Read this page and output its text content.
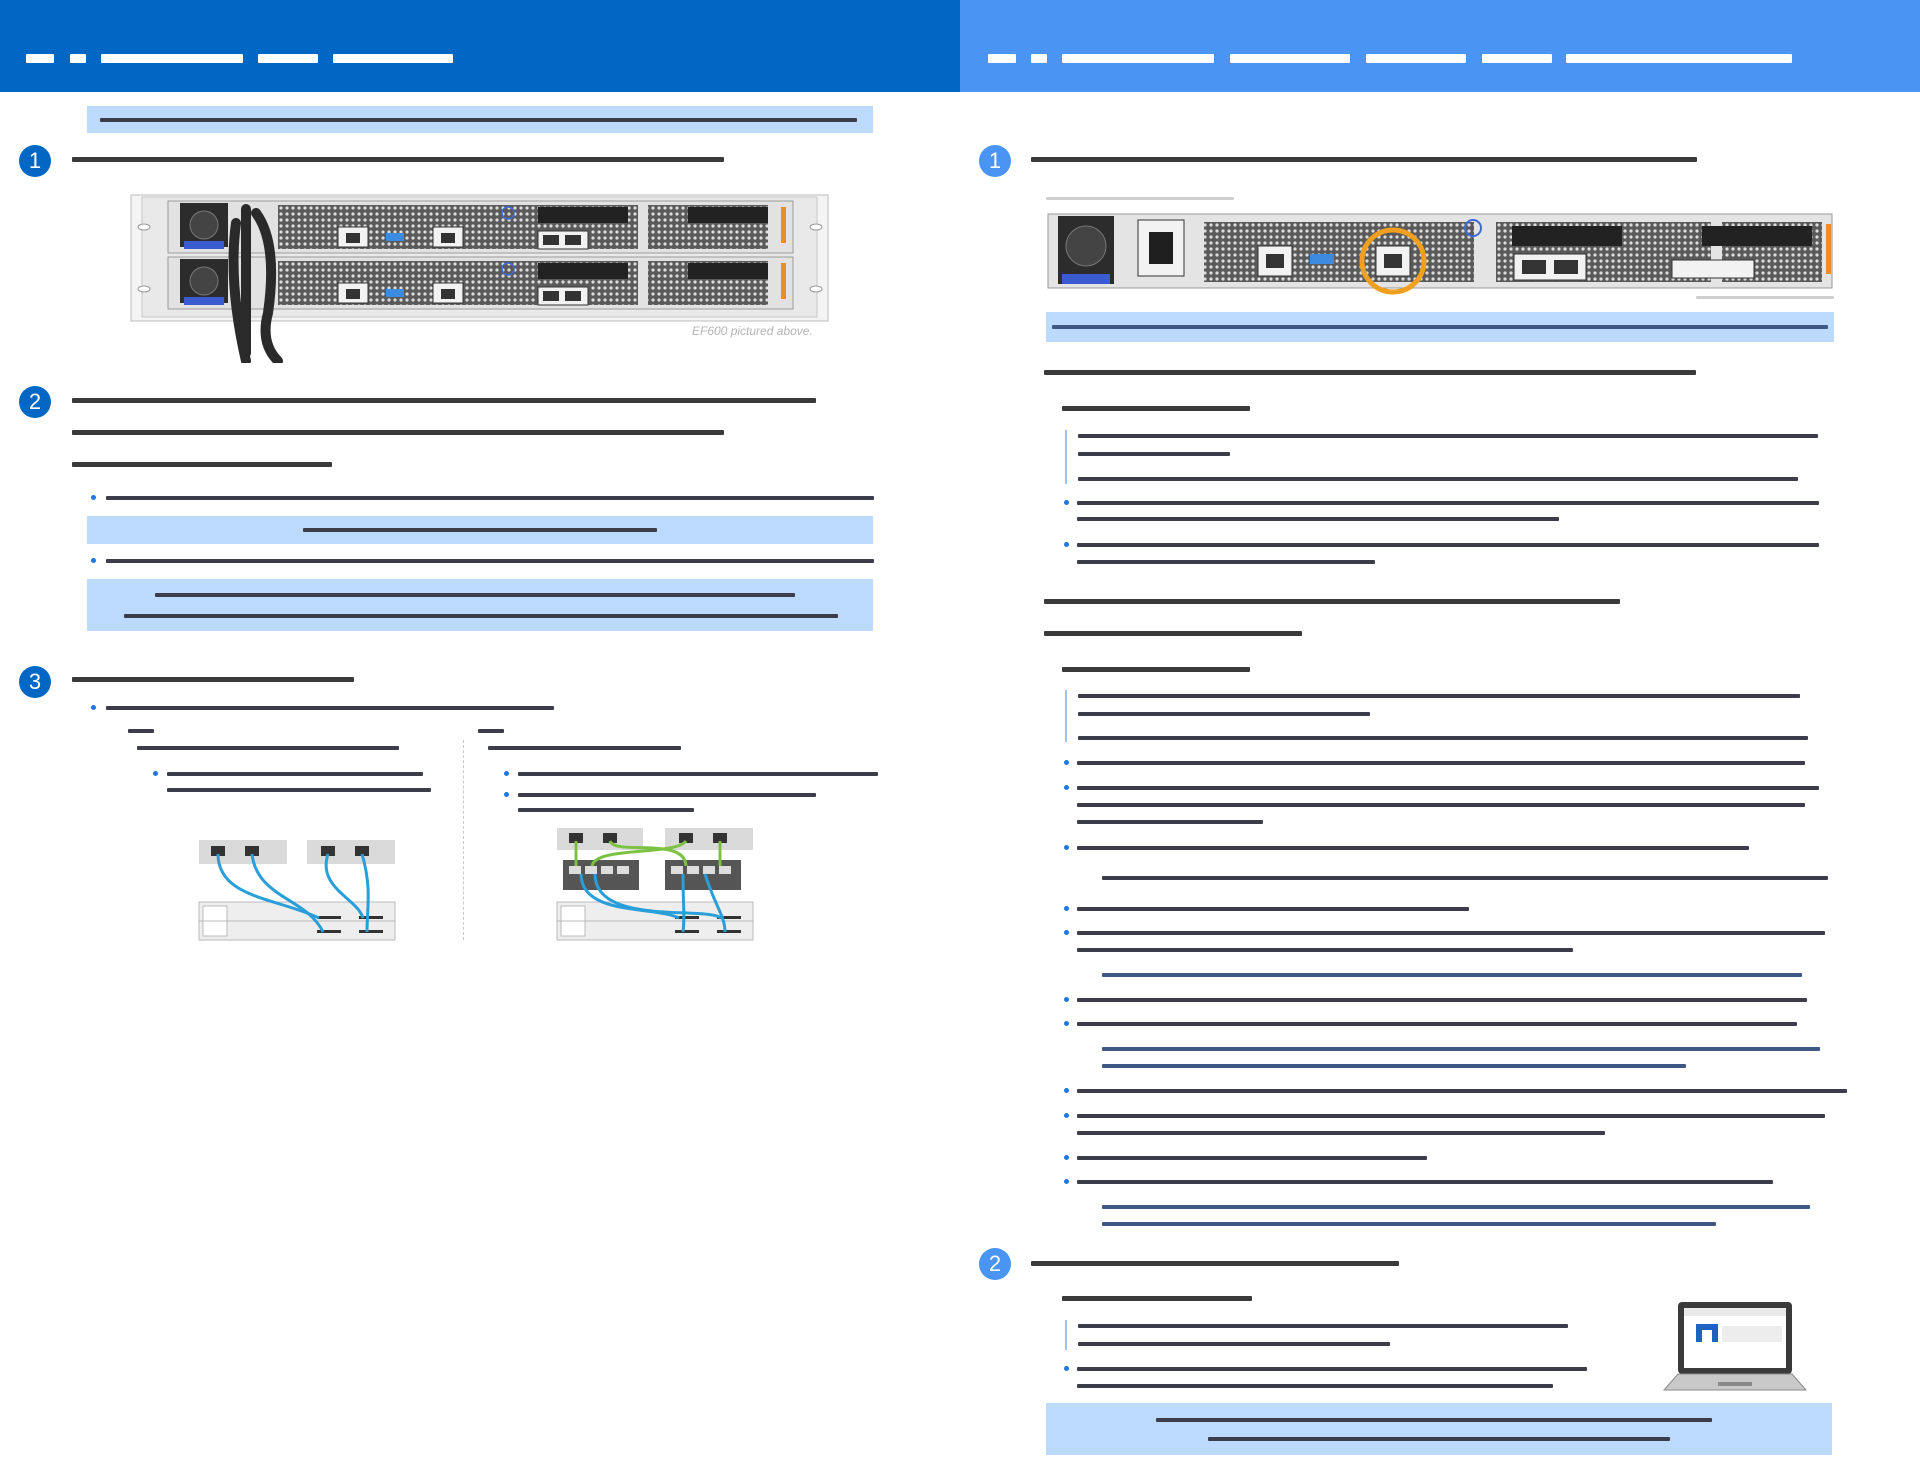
1
EF600 pictured above.
2
3
1
2
